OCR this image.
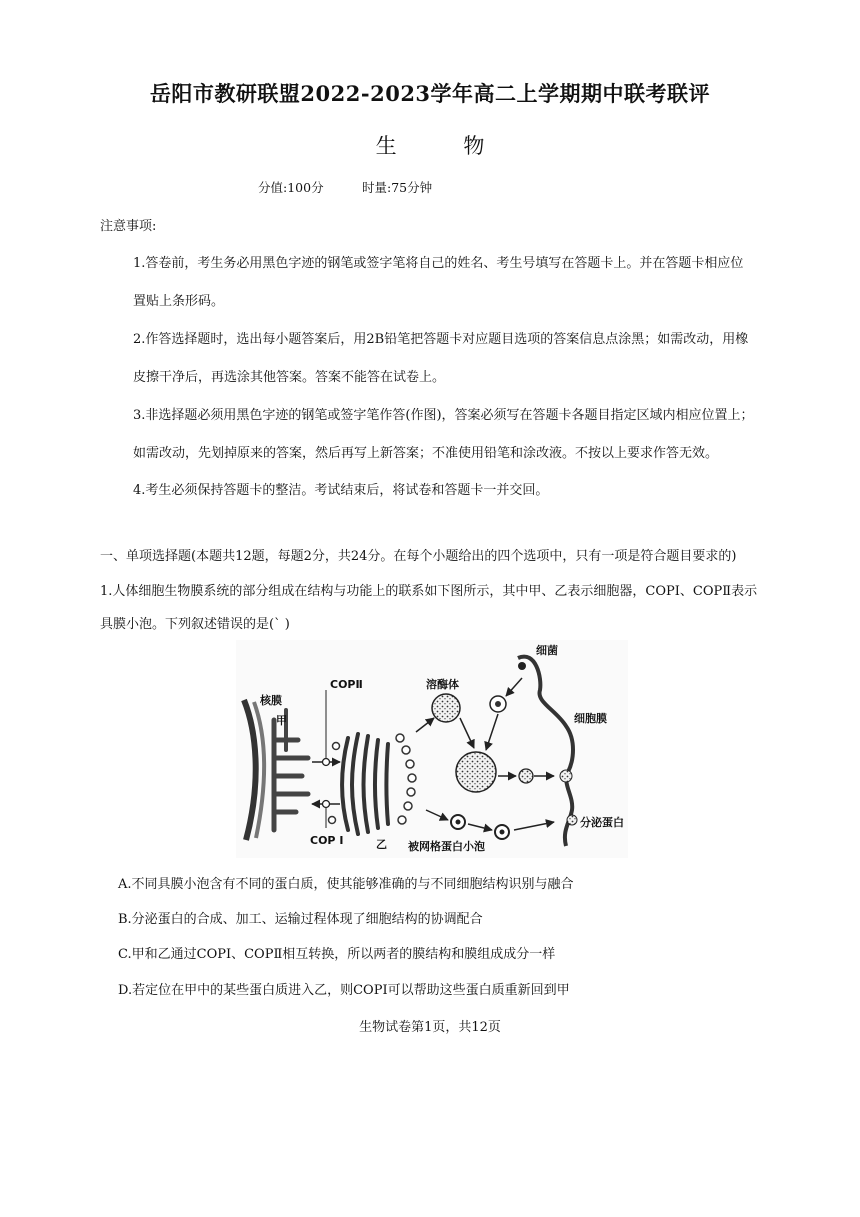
岳阳市教研联盟2022-2023学年高二上学期期中联考联评
生 物
分值:100分	时量:75分钟
注意事项:
1.答卷前，考生务必用黑色字迹的钢笔或签字笔将自己的姓名、考生号填写在答题卡上。并在答题卡相应位
置贴上条形码。
2.作答选择题时，选出每小题答案后，用2B铅笔把答题卡对应题目选项的答案信息点涂黑；如需改动，用橡
皮擦干净后，再选涂其他答案。答案不能答在试卷上。
3.非选择题必须用黑色字迹的钢笔或签字笔作答(作图)，答案必须写在答题卡各题目指定区域内相应位置上；
如需改动，先划掉原来的答案，然后再写上新答案；不准使用铅笔和涂改液。不按以上要求作答无效。
4.考生必须保持答题卡的整洁。考试结束后，将试卷和答题卡一并交回。
一、单项选择题(本题共12题，每题2分，共24分。在每个小题给出的四个选项中，只有一项是符合题目要求的)
1.人体细胞生物膜系统的部分组成在结构与功能上的联系如下图所示，其中甲、乙表示细胞器，COPI、COPⅡ表示
具膜小泡。下列叙述错误的是(` )
核膜
甲
COPⅡ
COP Ⅰ	乙
溶酶体
细菌
细胞膜
被网格蛋白小泡
分泌蛋白
A.不同具膜小泡含有不同的蛋白质，使其能够准确的与不同细胞结构识别与融合
B.分泌蛋白的合成、加工、运输过程体现了细胞结构的协调配合
C.甲和乙通过COPⅠ、COPⅡ相互转换，所以两者的膜结构和膜组成成分一样
D.若定位在甲中的某些蛋白质进入乙，则COPI可以帮助这些蛋白质重新回到甲
生物试卷第1页，共12页
